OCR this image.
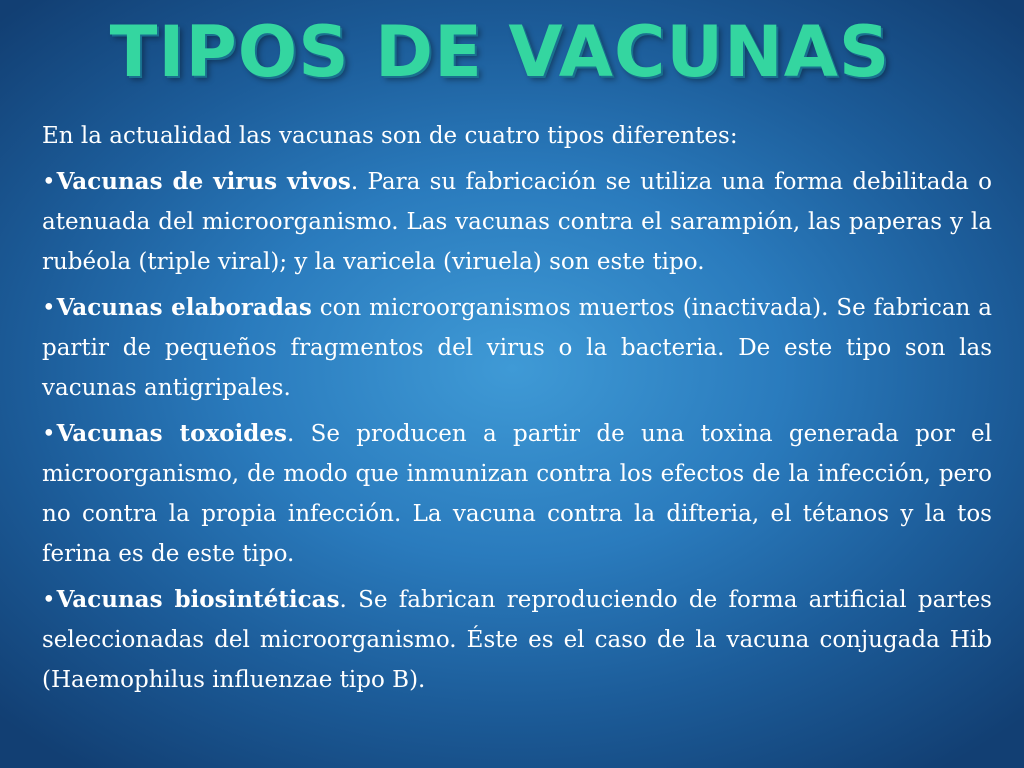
TIPOS DE VACUNAS

En la actualidad las vacunas son de cuatro tipos diferentes:

•Vacunas de virus vivos. Para su fabricación se utiliza una forma debilitada o atenuada del microorganismo. Las vacunas contra el sarampión, las paperas y la rubéola (triple viral); y la varicela (viruela) son este tipo.

•Vacunas elaboradas con microorganismos muertos (inactivada). Se fabrican a partir de pequeños fragmentos del virus o la bacteria. De este tipo son las vacunas antigripales.

•Vacunas toxoides. Se producen a partir de una toxina generada por el microorganismo, de modo que inmunizan contra los efectos de la infección, pero no contra la propia infección. La vacuna contra la difteria, el tétanos y la tos ferina es de este tipo.

•Vacunas biosintéticas. Se fabrican reproduciendo de forma artificial partes seleccionadas del microorganismo. Éste es el caso de la vacuna conjugada Hib (Haemophilus influenzae tipo B).
